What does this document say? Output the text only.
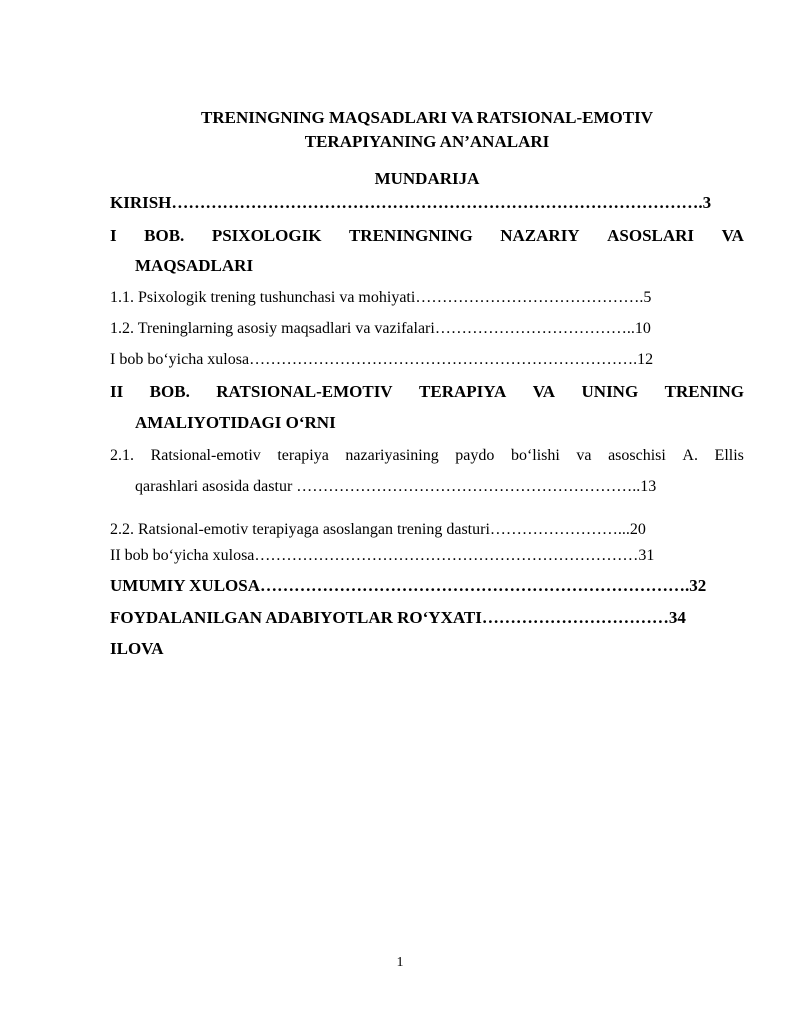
TRENINGNING MAQSADLARI VA RATSIONAL-EMOTIV
TERAPIYANING AN’ANALARI
MUNDARIJA
KIRISH………………………………………………………………………………….3
I BOB. PSIXOLOGIK TRENINGNING NAZARIY ASOSLARI VA
MAQSADLARI
1.1. Psixologik trening tushunchasi va mohiyati…………………………………….5
1.2. Treninglarning asosiy maqsadlari va vazifalari………………………………..10
I bob bo‘yicha xulosa……………………………………………………………….12
II BOB. RATSIONAL-EMOTIV TERAPIYA VA UNING TRENING
AMALIYOTIDAGI O‘RNI
2.1. Ratsional-emotiv terapiya nazariyasining paydo bo‘lishi va asoschisi A. Ellis
qarashlari asosida dastur ………………………………………………………..13
2.2. Ratsional-emotiv terapiyaga asoslangan trening dasturi……………………...20
II bob bo‘yicha xulosa………………………………………………………………31
UMUMIY XULOSA………………………………………………………………….32
FOYDALANILGAN ADABIYOTLAR RO‘YXATI……………………………34
ILOVA
1
